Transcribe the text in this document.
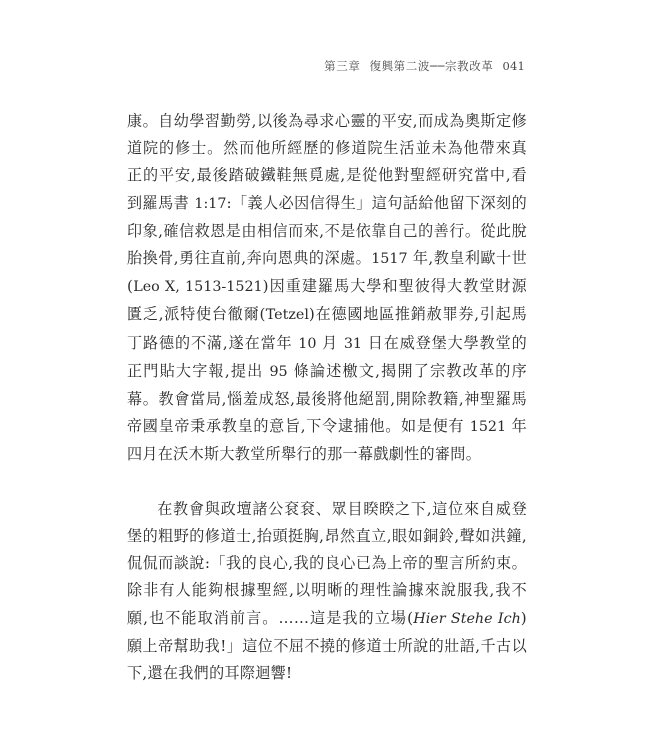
第三章 復興第二波──宗教改革 041

康。自幼學習勤勞,以後為尋求心靈的平安,而成為奧斯定修道院的修士。然而他所經歷的修道院生活並未為他帶來真正的平安,最後踏破鐵鞋無覓處,是從他對聖經研究當中,看到羅馬書 1:17:「義人必因信得生」這句話給他留下深刻的印象,確信救恩是由相信而來,不是依靠自己的善行。從此脫胎換骨,勇往直前,奔向恩典的深處。1517 年,教皇利歐十世(Leo X, 1513-1521)因重建羅馬大學和聖彼得大教堂財源匱乏,派特使台徹爾(Tetzel)在德國地區推銷赦罪券,引起馬丁路德的不滿,遂在當年 10 月 31 日在威登堡大學教堂的正門貼大字報,提出 95 條論述檄文,揭開了宗教改革的序幕。教會當局,惱羞成怒,最後將他絕罰,開除教籍,神聖羅馬帝國皇帝秉承教皇的意旨,下令逮捕他。如是便有 1521 年四月在沃木斯大教堂所舉行的那一幕戲劇性的審問。

在教會與政壇諸公袞袞、眾目睽睽之下,這位來自威登堡的粗野的修道士,抬頭挺胸,昂然直立,眼如銅鈴,聲如洪鐘,侃侃而談說:「我的良心,我的良心已為上帝的聖言所約束。除非有人能夠根據聖經,以明晰的理性論據來說服我,我不願,也不能取消前言。……這是我的立場(Hier Stehe Ich)願上帝幫助我!」這位不屈不撓的修道士所說的壯語,千古以下,還在我們的耳際迴響!
